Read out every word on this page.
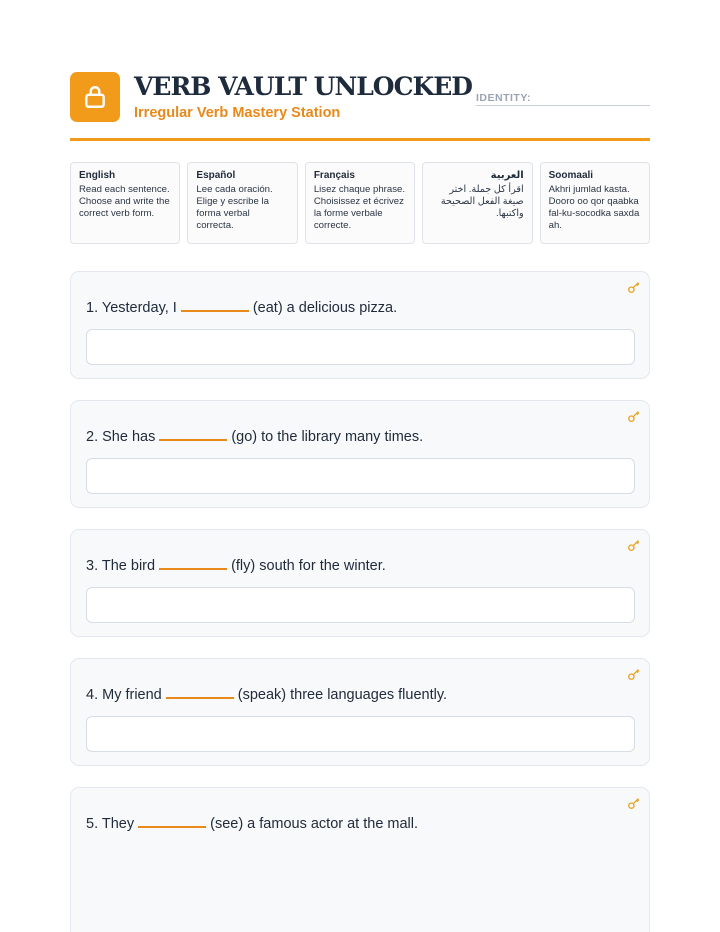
VERB VAULT UNLOCKED
Irregular Verb Mastery Station
IDENTITY:
English
Read each sentence. Choose and write the correct verb form.
Español
Lee cada oración. Elige y escribe la forma verbal correcta.
Français
Lisez chaque phrase. Choisissez et écrivez la forme verbale correcte.
العربية
اقرأ كل جملة. اختر صيغة الفعل الصحيحة واكتبها.
Soomaali
Akhri jumlad kasta. Dooro oo qor qaabka fal-ku-socodka saxda ah.
1. Yesterday, I	(eat) a delicious pizza.
2. She has	(go) to the library many times.
3. The bird	(fly) south for the winter.
4. My friend	(speak) three languages fluently.
5. They	(see) a famous actor at the mall.
